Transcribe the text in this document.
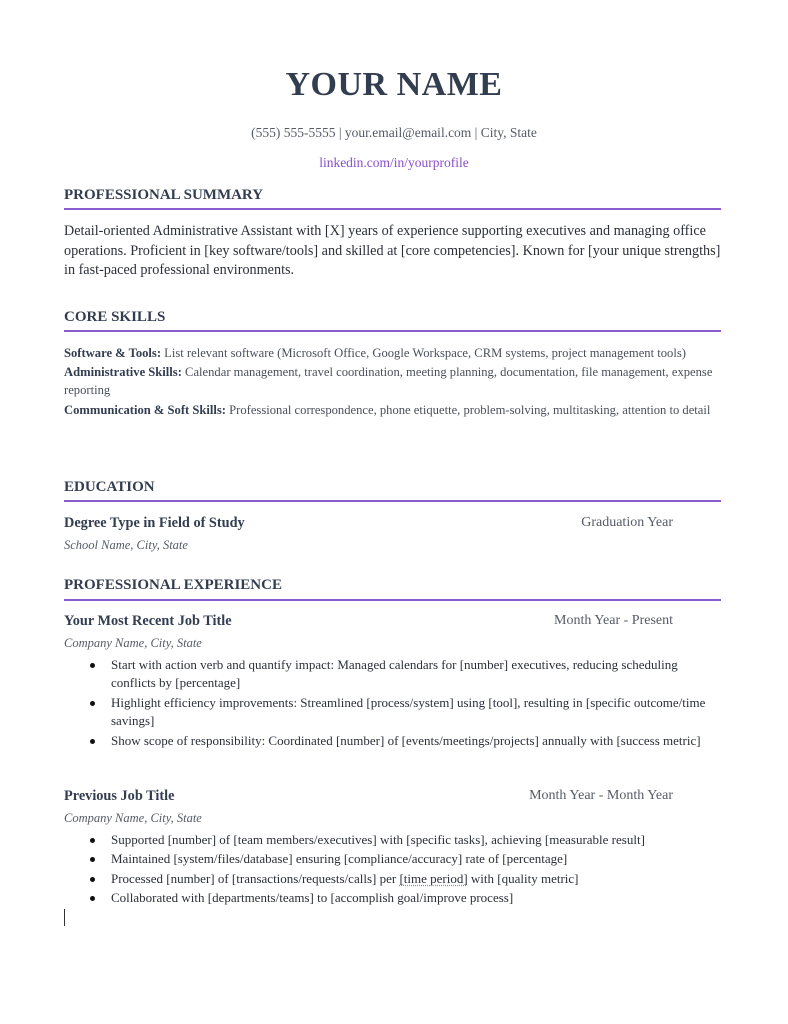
YOUR NAME
(555) 555-5555 | your.email@email.com | City, State
linkedin.com/in/yourprofile
PROFESSIONAL SUMMARY
Detail-oriented Administrative Assistant with [X] years of experience supporting executives and managing office operations. Proficient in [key software/tools] and skilled at [core competencies]. Known for [your unique strengths] in fast-paced professional environments.
CORE SKILLS
Software & Tools: List relevant software (Microsoft Office, Google Workspace, CRM systems, project management tools)
Administrative Skills: Calendar management, travel coordination, meeting planning, documentation, file management, expense reporting
Communication & Soft Skills: Professional correspondence, phone etiquette, problem-solving, multitasking, attention to detail
EDUCATION
Degree Type in Field of Study	Graduation Year
School Name, City, State
PROFESSIONAL EXPERIENCE
Your Most Recent Job Title	Month Year - Present
Company Name, City, State
Start with action verb and quantify impact: Managed calendars for [number] executives, reducing scheduling conflicts by [percentage]
Highlight efficiency improvements: Streamlined [process/system] using [tool], resulting in [specific outcome/time savings]
Show scope of responsibility: Coordinated [number] of [events/meetings/projects] annually with [success metric]
Previous Job Title	Month Year - Month Year
Company Name, City, State
Supported [number] of [team members/executives] with [specific tasks], achieving [measurable result]
Maintained [system/files/database] ensuring [compliance/accuracy] rate of [percentage]
Processed [number] of [transactions/requests/calls] per [time period] with [quality metric]
Collaborated with [departments/teams] to [accomplish goal/improve process]
